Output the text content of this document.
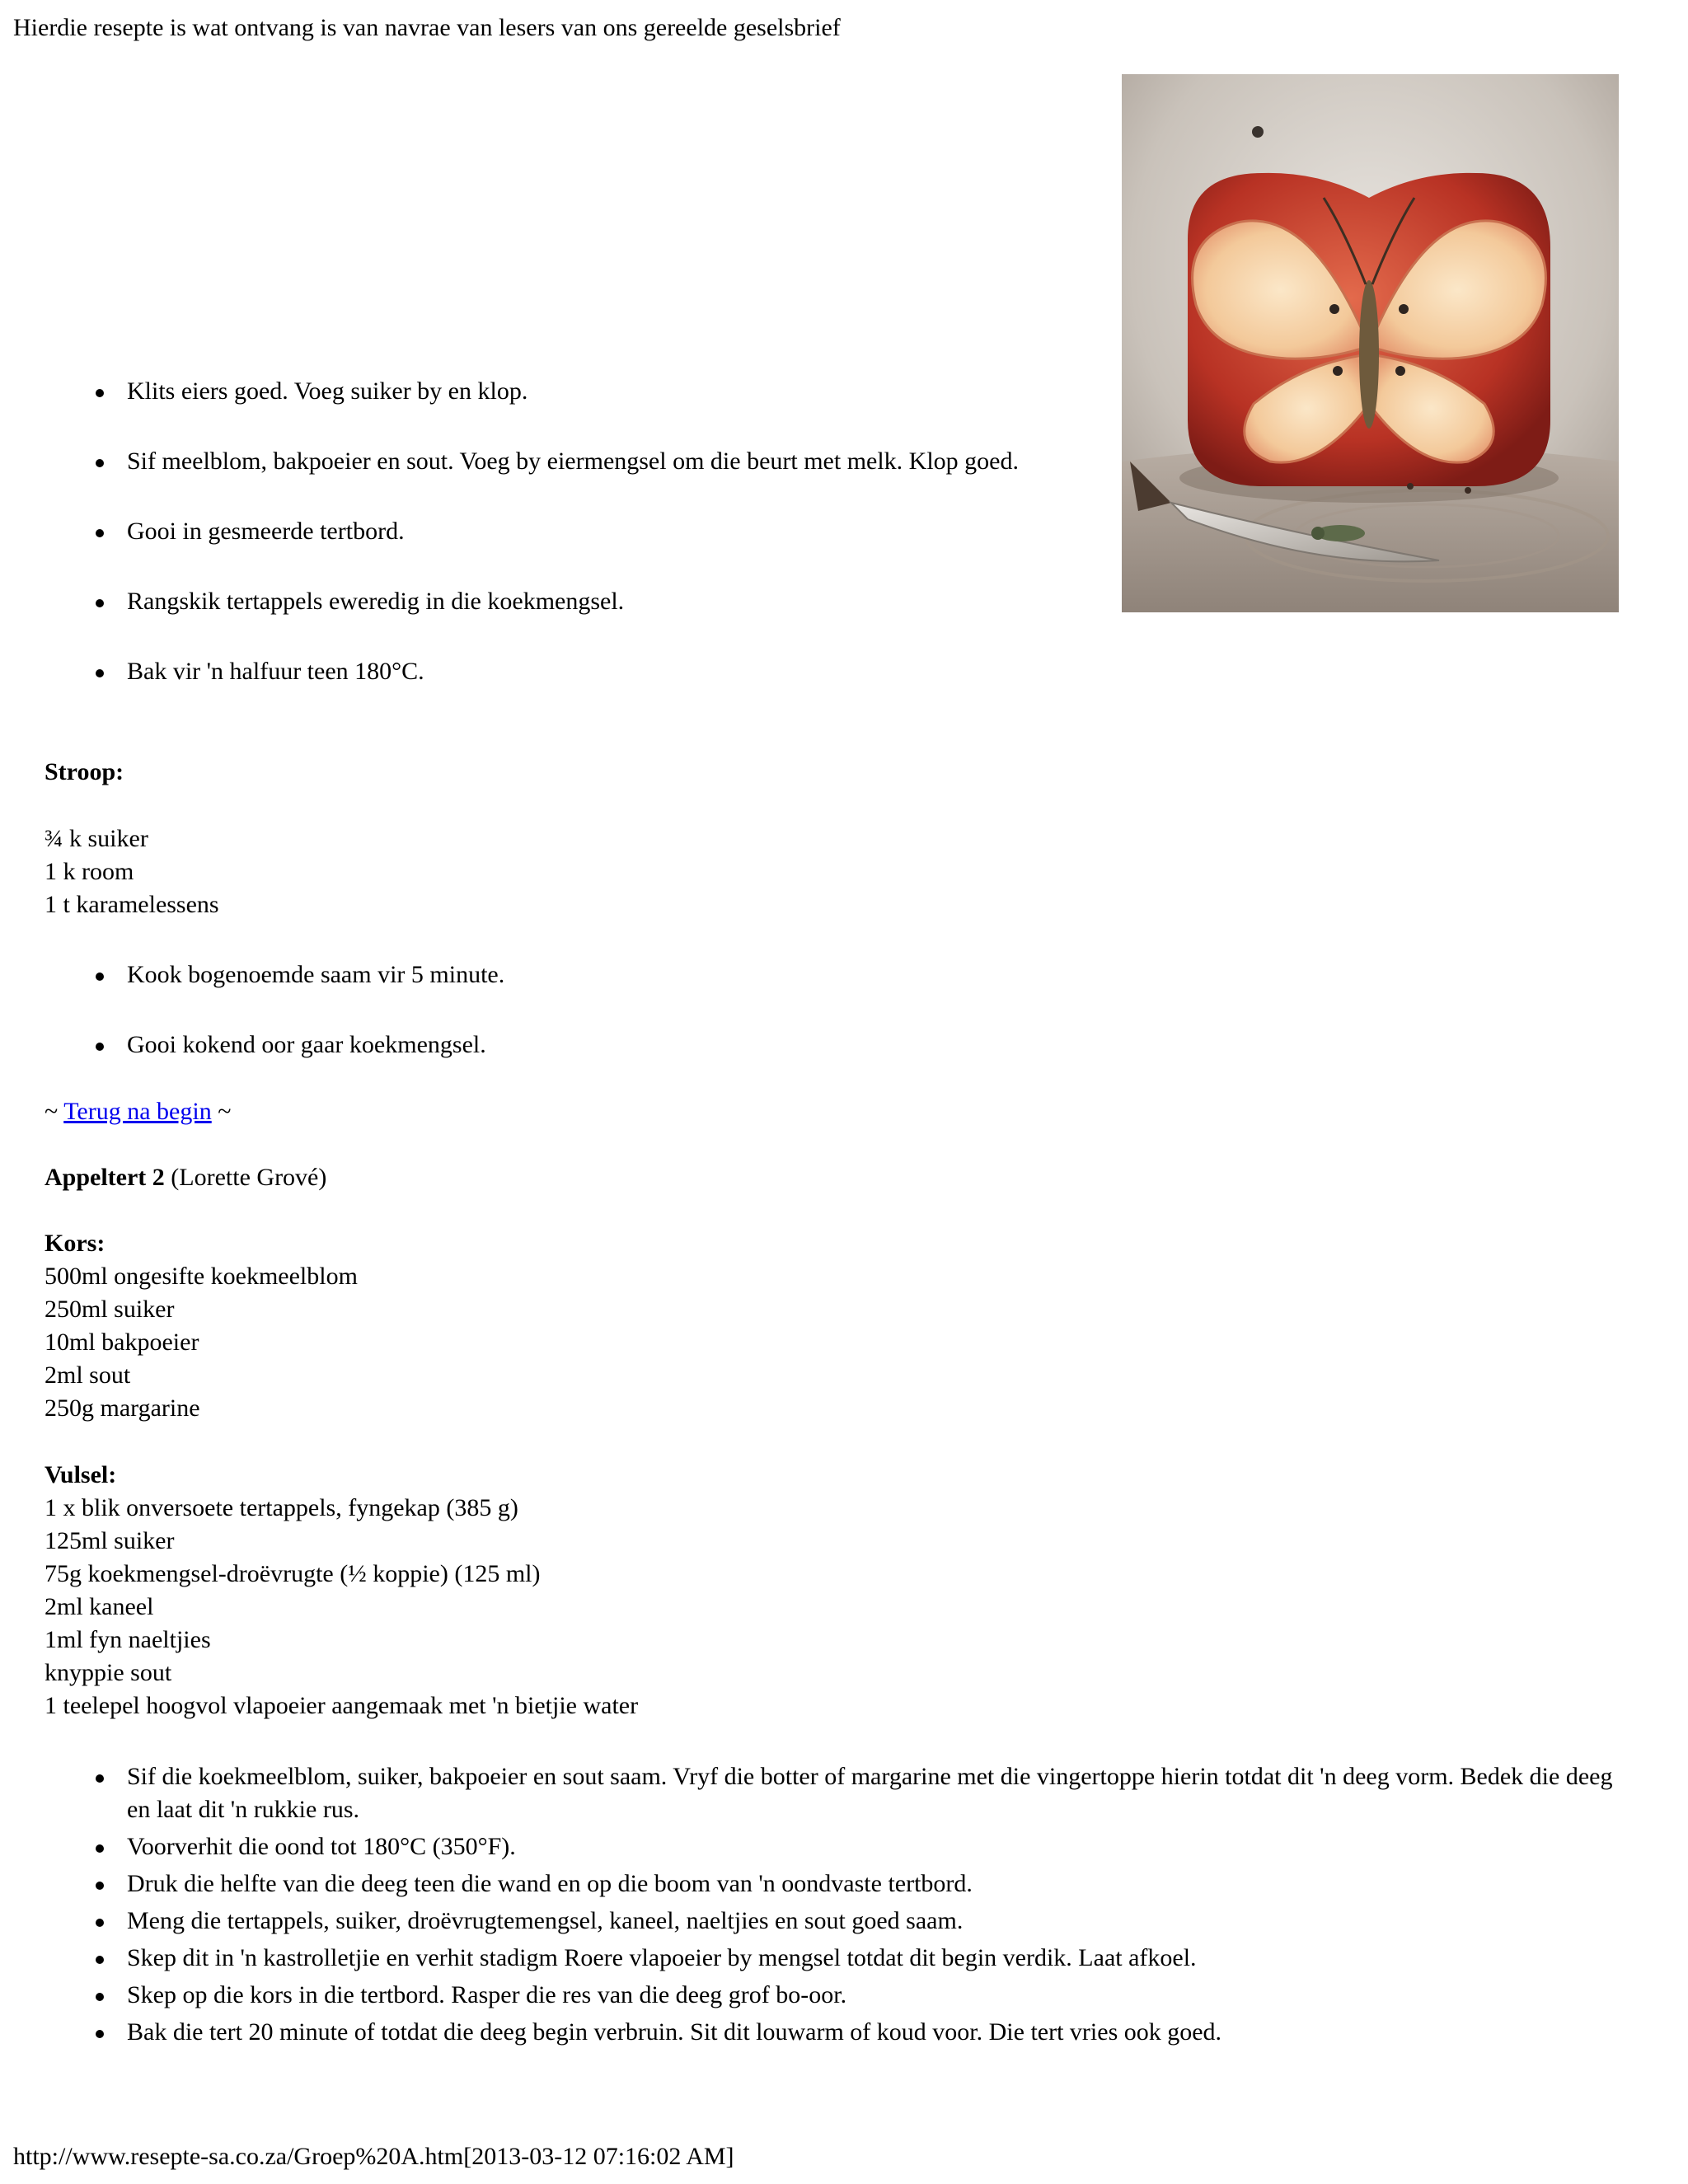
Hierdie resepte is wat ontvang is van navrae van lesers van ons gereelde geselsbrief
Klits eiers goed. Voeg suiker by en klop.
Sif meelblom, bakpoeier en sout. Voeg by eiermengsel om die beurt met melk. Klop goed.
Gooi in gesmeerde tertbord.
Rangskik tertappels eweredig in die koekmengsel.
Bak vir 'n halfuur teen 180°C.
Stroop:
¾ k suiker
1 k room
1 t karamelessens
Kook bogenoemde saam vir 5 minute.
Gooi kokend oor gaar koekmengsel.
~ Terug na begin ~
Appeltert 2 (Lorette Grové)
Kors:
500ml ongesifte koekmeelblom
250ml suiker
10ml bakpoeier
2ml sout
250g margarine
Vulsel:
1 x blik onversoete tertappels, fyngekap (385 g)
125ml suiker
75g koekmengsel-droëvrugte (½ koppie) (125 ml)
2ml kaneel
1ml fyn naeltjies
knyppie sout
1 teelepel hoogvol vlapoeier aangemaak met 'n bietjie water
Sif die koekmeelblom, suiker, bakpoeier en sout saam. Vryf die botter of margarine met die vingertoppe hierin totdat dit 'n deeg vorm. Bedek die deeg en laat dit 'n rukkie rus.
Voorverhit die oond tot 180°C (350°F).
Druk die helfte van die deeg teen die wand en op die boom van 'n oondvaste tertbord.
Meng die tertappels, suiker, droëvrugtemengsel, kaneel, naeltjies en sout goed saam.
Skep dit in 'n kastrolletjie en verhit stadigm Roere vlapoeier by mengsel totdat dit begin verdik. Laat afkoel.
Skep op die kors in die tertbord. Rasper die res van die deeg grof bo-oor.
Bak die tert 20 minute of totdat die deeg begin verbruin. Sit dit louwarm of koud voor. Die tert vries ook goed.
http://www.resepte-sa.co.za/Groep%20A.htm[2013-03-12 07:16:02 AM]
